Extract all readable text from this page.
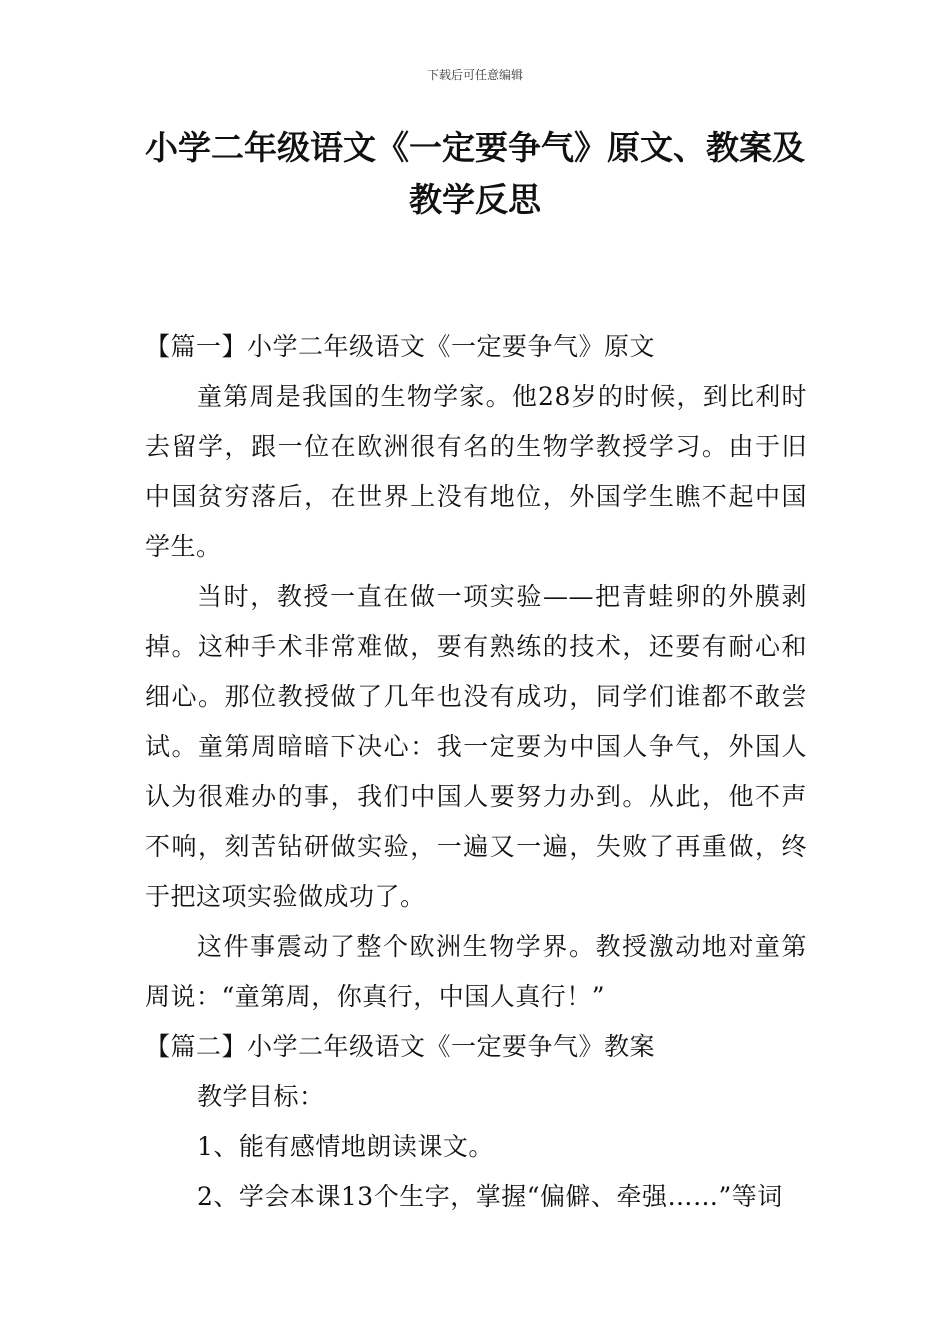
下载后可任意编辑
小学二年级语文《一定要争气》原文、教案及教学反思

【篇一】小学二年级语文《一定要争气》原文

童第周是我国的生物学家。他28岁的时候，到比利时去留学，跟一位在欧洲很有名的生物学教授学习。由于旧中国贫穷落后，在世界上没有地位，外国学生瞧不起中国学生。

当时，教授一直在做一项实验——把青蛙卵的外膜剥掉。这种手术非常难做，要有熟练的技术，还要有耐心和细心。那位教授做了几年也没有成功，同学们谁都不敢尝试。童第周暗暗下决心：我一定要为中国人争气，外国人认为很难办的事，我们中国人要努力办到。从此，他不声不响，刻苦钻研做实验，一遍又一遍，失败了再重做，终于把这项实验做成功了。

这件事震动了整个欧洲生物学界。教授激动地对童第周说：“童第周，你真行，中国人真行！”

【篇二】小学二年级语文《一定要争气》教案

教学目标：

1、能有感情地朗读课文。

2、学会本课13个生字，掌握“偏僻、牵强……”等词
